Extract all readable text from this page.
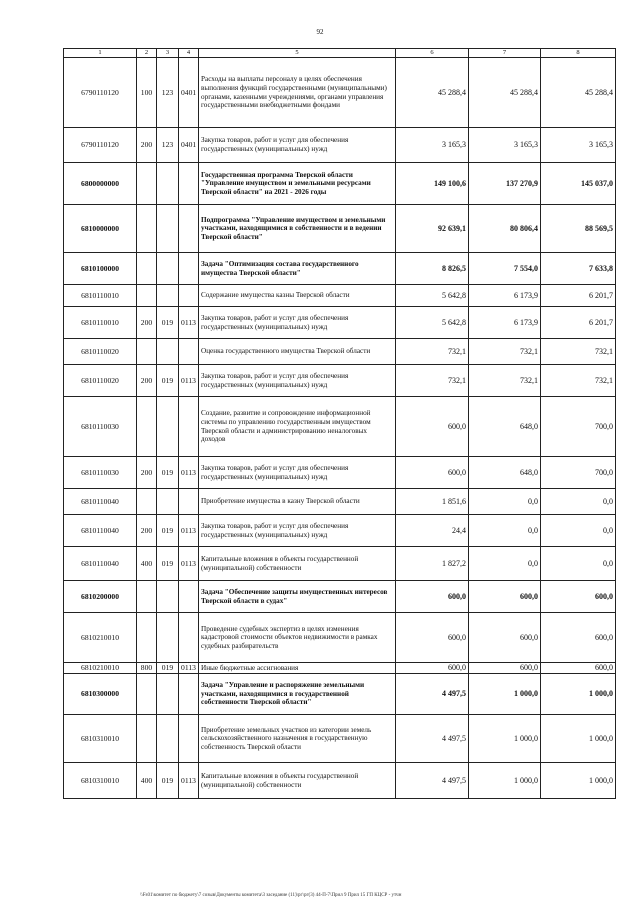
92
1	2	3	4	5	6	7	8
6790110120	100	123	0401	Расходы на выплаты персоналу в целях обеспечения выполнения функций государственными (муниципальными) органами, казенными учреждениями, органами управления государственными внебюджетными фондами	45 288,4	45 288,4	45 288,4
6790110120	200	123	0401	Закупка товаров, работ и услуг для обеспечения государственных (муниципальных) нужд	3 165,3	3 165,3	3 165,3
6800000000				Государственная программа Тверской области "Управление имуществом и земельными ресурсами Тверской области" на 2021 - 2026 годы	149 100,6	137 270,9	145 037,0
6810000000				Подпрограмма "Управление имуществом и земельными участками, находящимися в собственности и в ведении Тверской области"	92 639,1	80 806,4	88 569,5
6810100000				Задача "Оптимизация состава государственного имущества Тверской области"	8 826,5	7 554,0	7 633,8
6810110010				Содержание имущества казны Тверской области	5 642,8	6 173,9	6 201,7
6810110010	200	019	0113	Закупка товаров, работ и услуг для обеспечения государственных (муниципальных) нужд	5 642,8	6 173,9	6 201,7
6810110020				Оценка государственного имущества Тверской области	732,1	732,1	732,1
6810110020	200	019	0113	Закупка товаров, работ и услуг для обеспечения государственных (муниципальных) нужд	732,1	732,1	732,1
6810110030				Создание, развитие и сопровождение информационной системы по управлению государственным имуществом Тверской области и администрированию неналоговых доходов	600,0	648,0	700,0
6810110030	200	019	0113	Закупка товаров, работ и услуг для обеспечения государственных (муниципальных) нужд	600,0	648,0	700,0
6810110040				Приобретение имущества в казну Тверской области	1 851,6	0,0	0,0
6810110040	200	019	0113	Закупка товаров, работ и услуг для обеспечения государственных (муниципальных) нужд	24,4	0,0	0,0
6810110040	400	019	0113	Капитальные вложения в объекты государственной (муниципальной) собственности	1 827,2	0,0	0,0
6810200000				Задача "Обеспечение защиты имущественных интересов Тверской области в судах"	600,0	600,0	600,0
6810210010				Проведение судебных экспертиз в целях изменения кадастровой стоимости объектов недвижимости в рамках судебных разбирательств	600,0	600,0	600,0
6810210010	800	019	0113	Иные бюджетные ассигнования	600,0	600,0	600,0
6810300000				Задача "Управление и распоряжение земельными участками, находящимися в государственной собственности Тверской области"	4 497,5	1 000,0	1 000,0
6810310010				Приобретение земельных участков из категории земель сельскохозяйственного назначения в государственную собственность Тверской области	4 497,5	1 000,0	1 000,0
6810310010	400	019	0113	Капитальные вложения в объекты государственной (муниципальной) собственности	4 497,5	1 000,0	1 000,0
\\Fs01\комитет по бюджету\7 созыв\Документы комитета\3 заседание (11)\рг\рг(3) 44-П-7\Прил 9 Прил 15 ГП КЦСР - утчн
